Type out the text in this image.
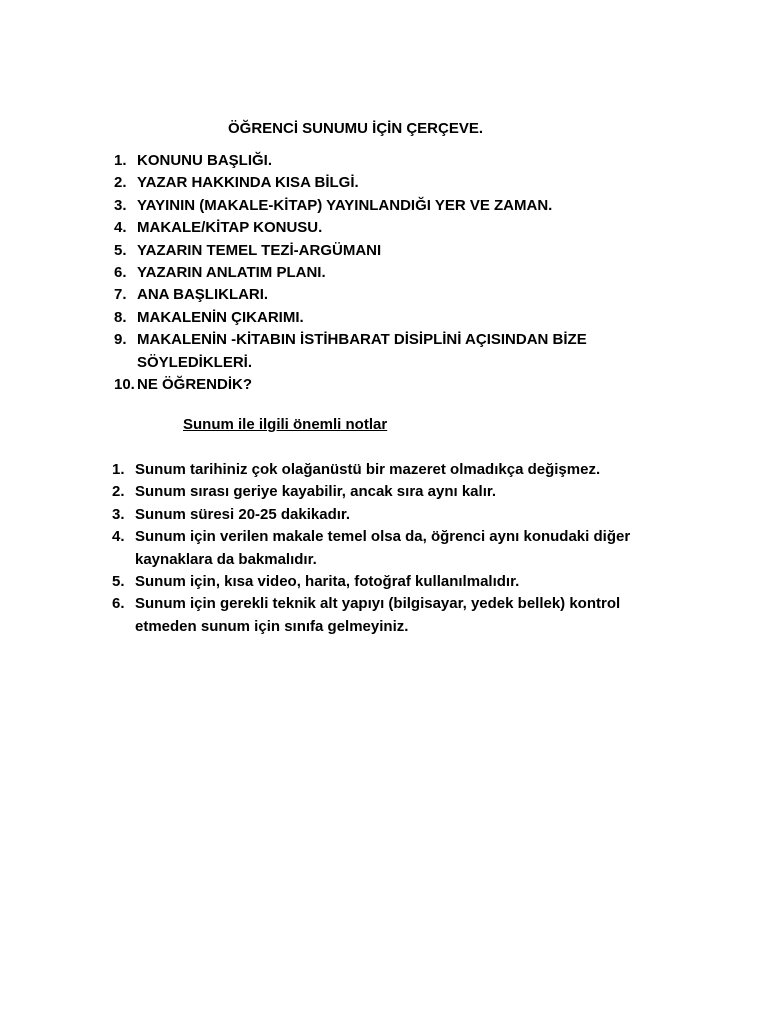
ÖĞRENCİ SUNUMU İÇİN ÇERÇEVE.
1. KONUNU BAŞLIĞI.
2. YAZAR HAKKINDA KISA BİLGİ.
3. YAYININ (MAKALE-KİTAP) YAYINLANDIĞI YER VE ZAMAN.
4. MAKALE/KİTAP KONUSU.
5. YAZARIN TEMEL TEZİ-ARGÜMANI
6. YAZARIN ANLATIM PLANI.
7. ANA BAŞLIKLARI.
8. MAKALENİN ÇIKARIMI.
9. MAKALENİN -KİTABIN İSTİHBARAT DİSİPLİNİ AÇISINDAN BİZE SÖYLEDİKLERİ.
10. NE ÖĞRENDİK?
Sunum ile ilgili önemli notlar
1. Sunum tarihiniz çok olağanüstü bir mazeret olmadıkça değişmez.
2. Sunum sırası geriye kayabilir, ancak sıra aynı kalır.
3. Sunum süresi 20-25 dakikadır.
4. Sunum için verilen makale temel olsa da, öğrenci aynı konudaki diğer kaynaklara da bakmalıdır.
5. Sunum için, kısa video, harita, fotoğraf kullanılmalıdır.
6. Sunum için gerekli teknik alt yapıyı (bilgisayar, yedek bellek) kontrol etmeden sunum için sınıfa gelmeyiniz.
